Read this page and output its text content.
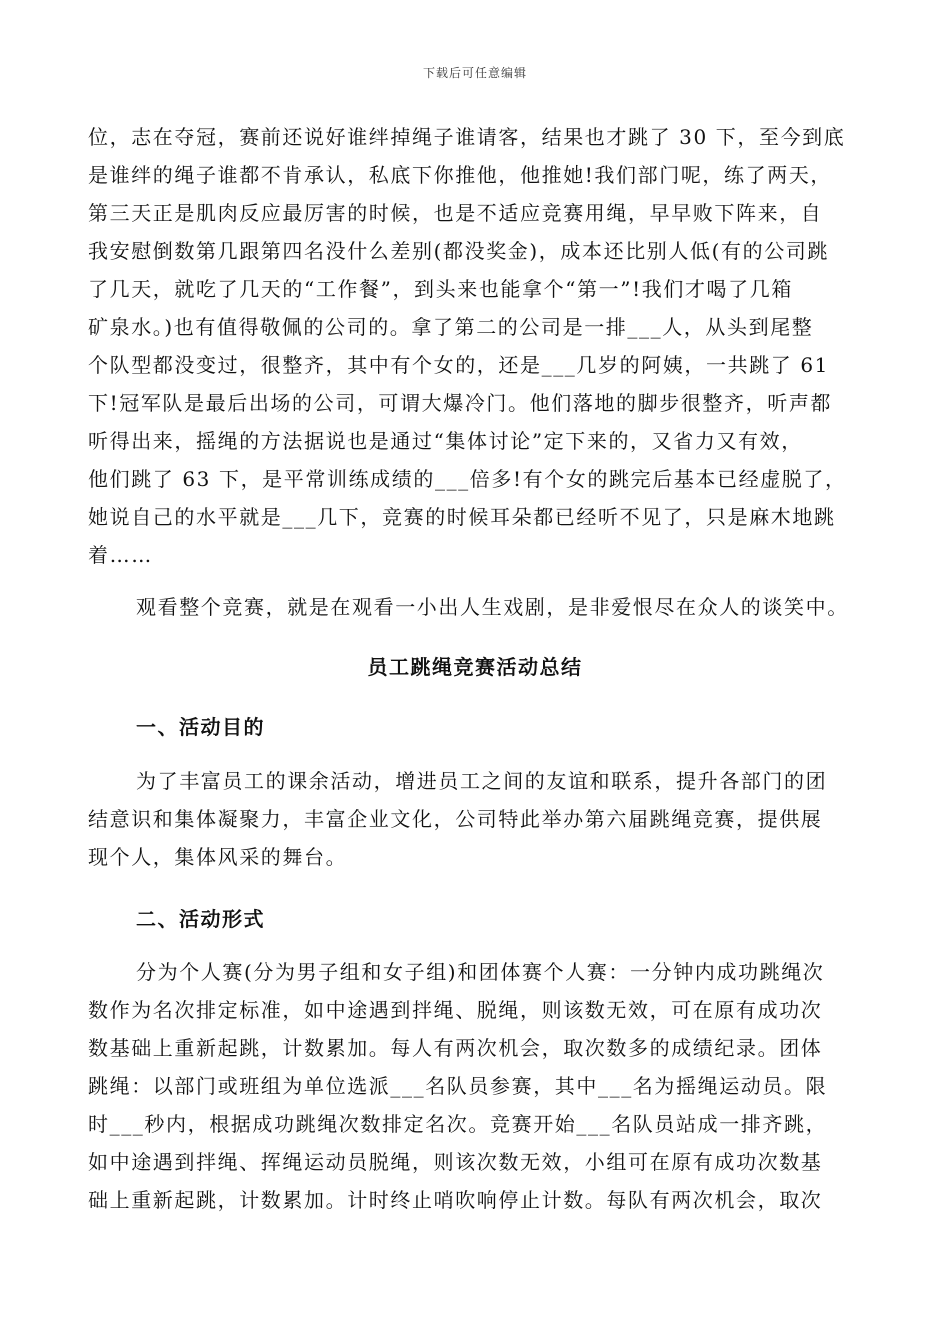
下载后可任意编辑
位，志在夺冠，赛前还说好谁绊掉绳子谁请客，结果也才跳了 30 下，至今到底
是谁绊的绳子谁都不肯承认，私底下你推他，他推她!我们部门呢，练了两天，
第三天正是肌肉反应最厉害的时候，也是不适应竞赛用绳，早早败下阵来，自
我安慰倒数第几跟第四名没什么差别(都没奖金)，成本还比别人低(有的公司跳
了几天，就吃了几天的“工作餐”，到头来也能拿个“第一”!我们才喝了几箱
矿泉水。)也有值得敬佩的公司的。拿了第二的公司是一排___人，从头到尾整
个队型都没变过，很整齐，其中有个女的，还是___几岁的阿姨，一共跳了 61
下!冠军队是最后出场的公司，可谓大爆冷门。他们落地的脚步很整齐，听声都
听得出来，摇绳的方法据说也是通过“集体讨论”定下来的，又省力又有效，
他们跳了 63 下，是平常训练成绩的___倍多!有个女的跳完后基本已经虚脱了，
她说自己的水平就是___几下，竞赛的时候耳朵都已经听不见了，只是麻木地跳
着……
观看整个竞赛，就是在观看一小出人生戏剧，是非爱恨尽在众人的谈笑中。
员工跳绳竞赛活动总结
一、活动目的
为了丰富员工的课余活动，增进员工之间的友谊和联系，提升各部门的团
结意识和集体凝聚力，丰富企业文化，公司特此举办第六届跳绳竞赛，提供展
现个人，集体风采的舞台。
二、活动形式
分为个人赛(分为男子组和女子组)和团体赛个人赛：一分钟内成功跳绳次
数作为名次排定标准，如中途遇到拌绳、脱绳，则该数无效，可在原有成功次
数基础上重新起跳，计数累加。每人有两次机会，取次数多的成绩纪录。团体
跳绳：以部门或班组为单位选派___名队员参赛，其中___名为摇绳运动员。限
时___秒内，根据成功跳绳次数排定名次。竞赛开始___名队员站成一排齐跳，
如中途遇到拌绳、挥绳运动员脱绳，则该次数无效，小组可在原有成功次数基
础上重新起跳，计数累加。计时终止哨吹响停止计数。每队有两次机会，取次
